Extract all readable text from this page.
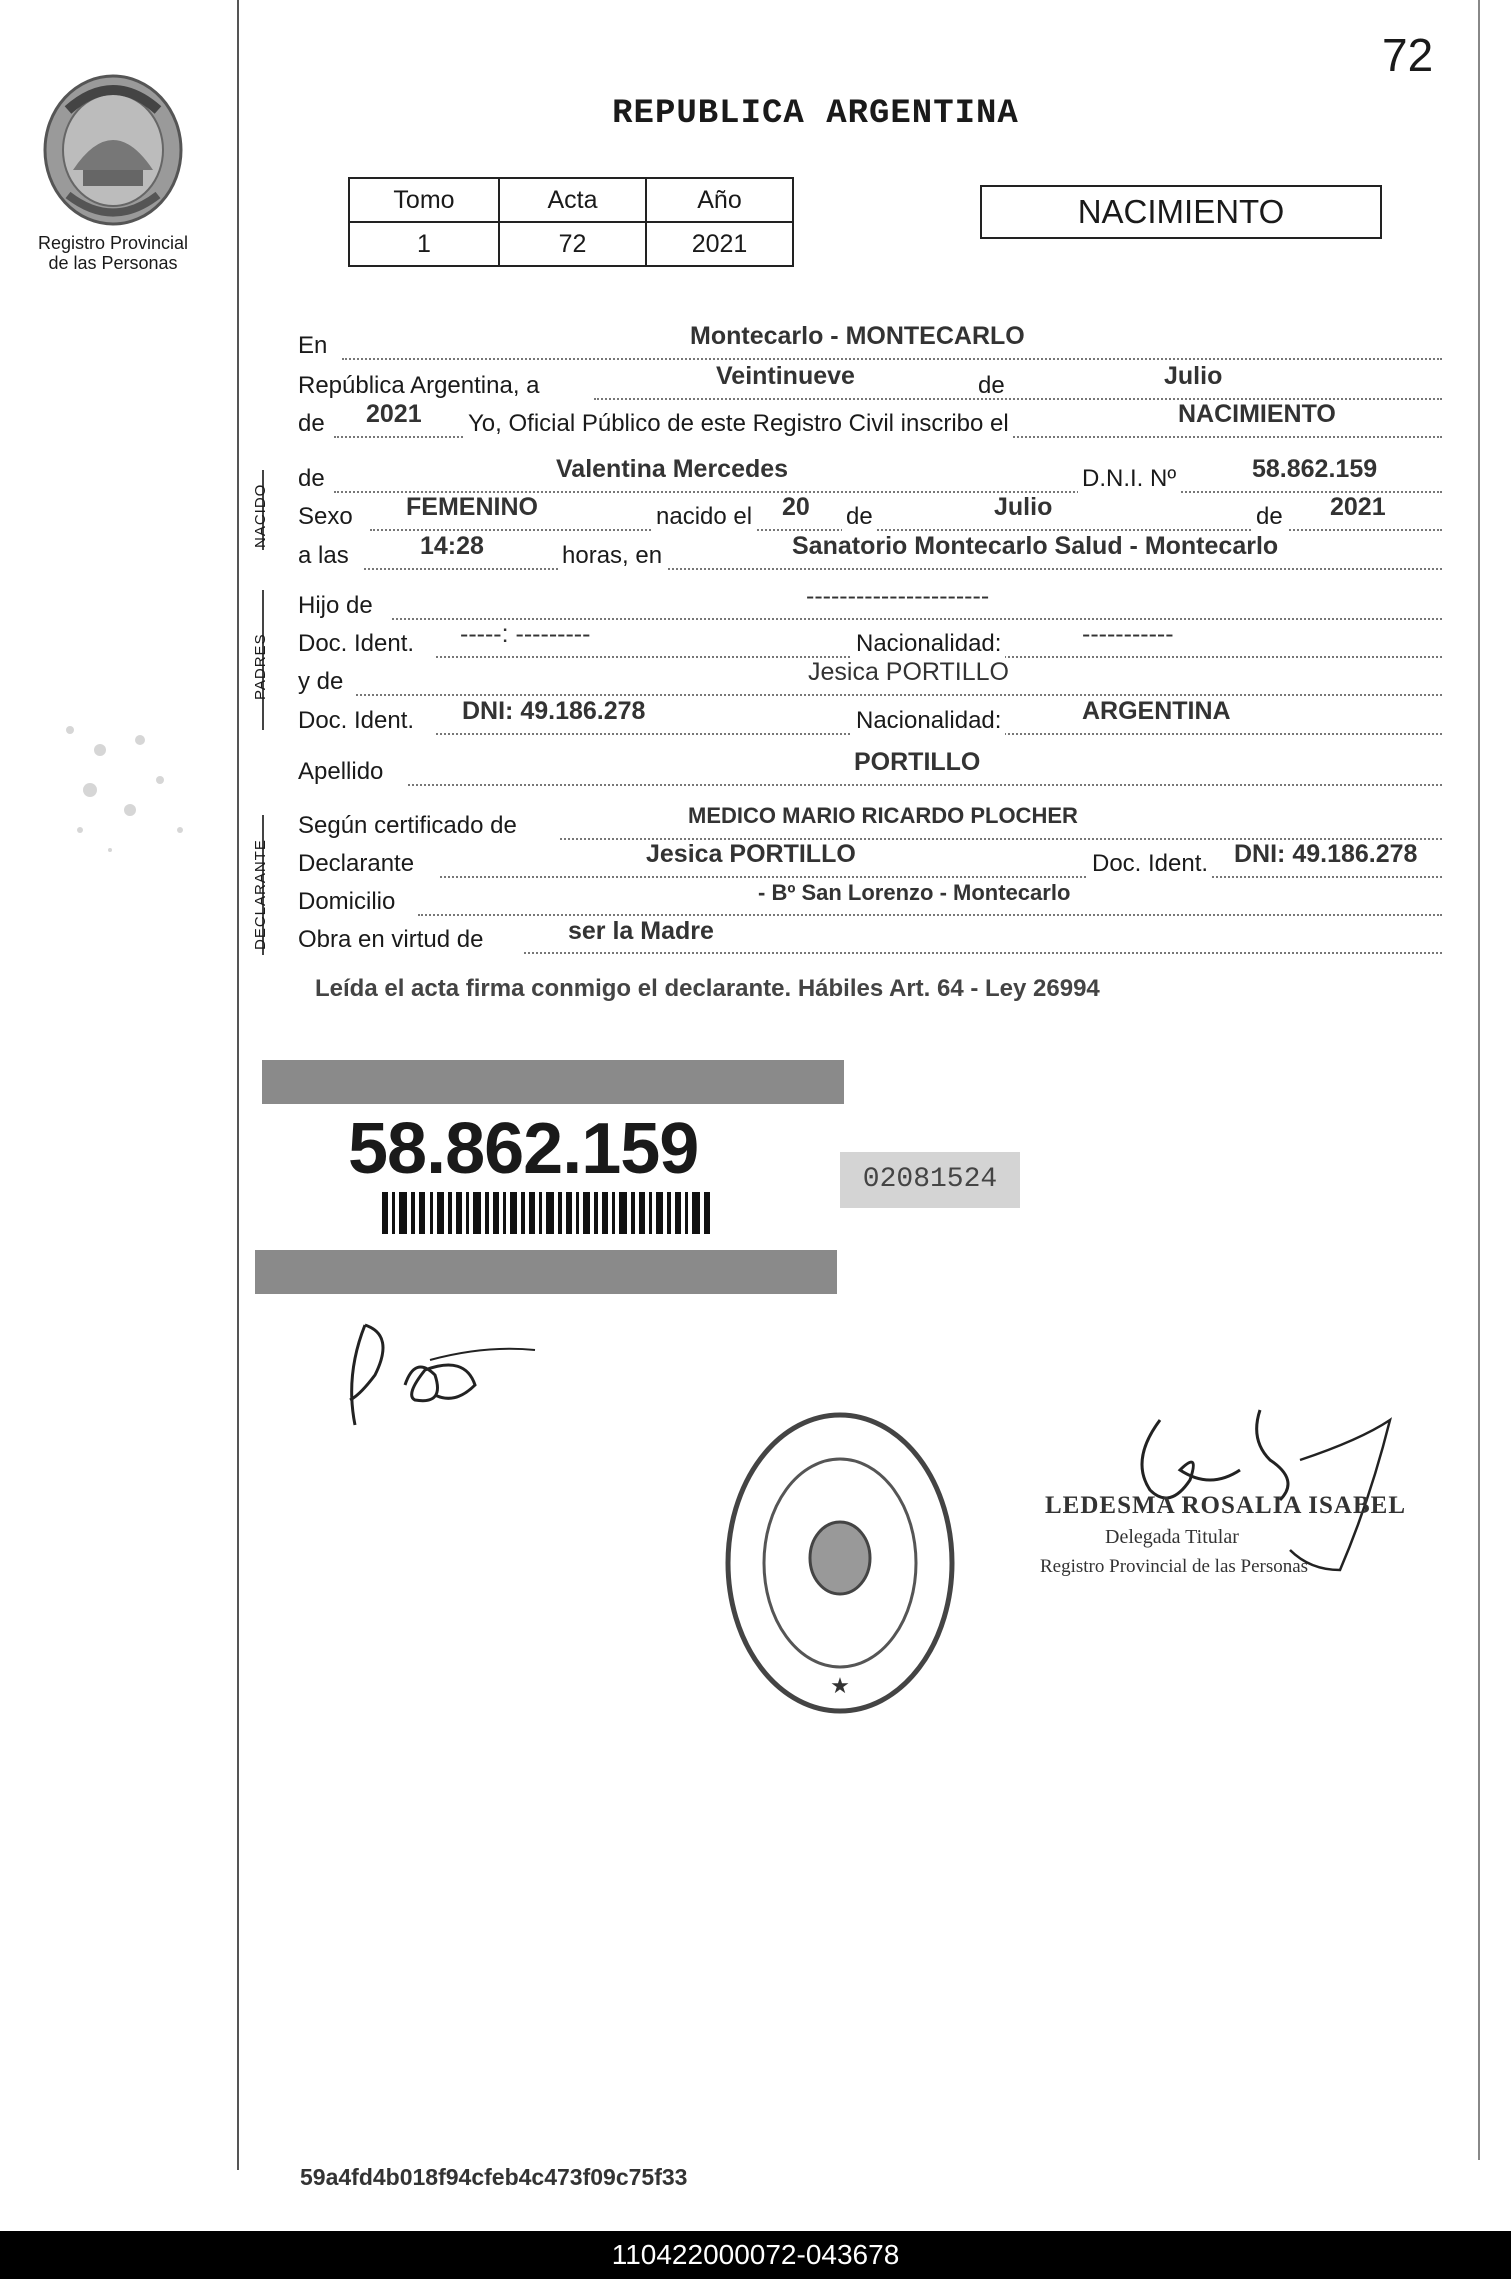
72
Registro Provincial
de las Personas
REPUBLICA ARGENTINA
Tomo	Acta	Año
1	72	2021
NACIMIENTO
En	Montecarlo - MONTECARLO
República Argentina, a	Veintinueve	de	Julio
de 2021 Yo, Oficial Público de este Registro Civil inscribo el	NACIMIENTO
NACIDO
de	Valentina Mercedes	D.N.I. Nº	58.862.159
Sexo FEMENINO	nacido el 20 de	Julio	de 2021
a las	14:28	horas, en	Sanatorio Montecarlo Salud - Montecarlo
PADRES
Hijo de	----------------------
Doc. Ident. -----: ---------	Nacionalidad:	-----------
y de	Jesica PORTILLO
Doc. Ident. DNI: 49.186.278	Nacionalidad:	ARGENTINA
Apellido	PORTILLO
DECLARANTE
Según certificado de	MEDICO MARIO RICARDO PLOCHER
Declarante	Jesica PORTILLO	Doc. Ident. DNI: 49.186.278
Domicilio	- Bº San Lorenzo - Montecarlo
Obra en virtud de	ser la Madre
Leída el acta firma conmigo el declarante. Hábiles Art. 64 - Ley 26994
58.862.159	02081524
★
LEDESMA ROSALIA ISABEL
Delegada Titular
Registro Provincial de las Personas
59a4fd4b018f94cfeb4c473f09c75f33
110422000072-043678
